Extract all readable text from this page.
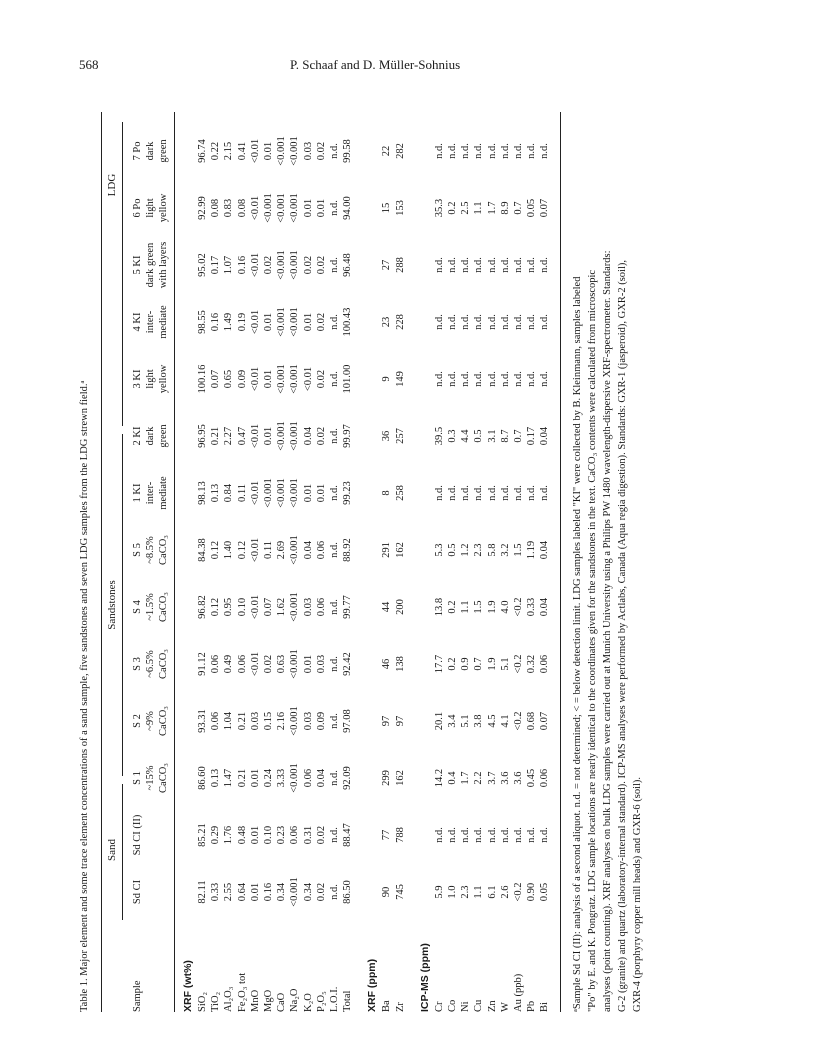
568	P. Schaaf and D. Müller-Sohnius
Table 1. Major element and some trace element concentrations of a sand sample, five sandstones and seven LDG samples from the LDG strewn field.ᵃ Sand
Sandstones
LDG
Sample
Sd CI
Sd CI (II)
S 1 ~15% CaCO₃
S 2 ~9% CaCO₃
S 3 ~6.5% CaCO₃
S 4 ~1.5% CaCO₃
S 5 ~8.5% CaCO₃
1 KI inter- mediate
2 KI dark green
3 KI light yellow
4 KI inter- mediate
5 KI dark green with layers
6 Po light yellow
7 Po dark green
XRF (wt%) SiO₂
82.11
85.21
86.60
93.31
91.12
96.82
84.38
98.13
96.95
100.16
98.55
95.02
92.99
96.74
TiO₂
0.33
0.29
0.13
0.06
0.06
0.12
0.12
0.13
0.21
0.07
0.16
0.17
0.08
0.22
Al₂O₃
2.55
1.76
1.47
1.04
0.49
0.95
1.40
0.84
2.27
0.65
1.49
1.07
0.83
2.15
Fe₂O₃ tot
0.64
0.48
0.21
0.21
0.06
0.10
0.12
0.11
0.47
0.09
0.19
0.16
0.08
0.41
MnO
0.01
0.01
0.01
0.03
<0.01
<0.01
<0.01
<0.01
<0.01
<0.01
<0.01
<0.01
<0.01
<0.01
MgO
0.16
0.10
0.24
0.15
0.02
0.07
0.11
<0.001
0.01
0.01
0.01
0.02
<0.001
0.01
CaO
0.34
0.23
3.33
2.16
0.63
1.62
2.69
<0.001
<0.001
<0.001
<0.001
<0.001
<0.001
<0.001
Na₂O
<0.001
0.06
<0.001
<0.001
<0.001
<0.001
<0.001
<0.001
<0.001
<0.001
<0.001
<0.001
<0.001
<0.001
K₂O
0.34
0.31
0.06
0.03
0.01
0.03
0.04
0.01
0.04
<0.01
0.01
0.02
0.01
0.03
P₂O₅
0.02
0.02
0.04
0.09
0.03
0.06
0.06
0.01
0.02
0.02
0.02
0.02
0.01
0.02
L.O.I.
n.d.
n.d.
n.d.
n.d.
n.d.
n.d.
n.d.
n.d.
n.d.
n.d.
n.d.
n.d.
n.d.
n.d.
Total
86.50
88.47
92.09
97.08
92.42
99.77
88.92
99.23
99.97
101.00
100.43
96.48
94.00
99.58
XRF (ppm) Ba
90
77
299
97
46
44
291
8
36
9
23
27
15
22
Zr
745
788
162
97
138
200
162
258
257
149
228
288
153
282
ICP-MS (ppm) Cr
5.9
n.d.
14.2
20.1
17.7
13.8
5.3
n.d.
39.5
n.d.
n.d.
n.d.
35.3
n.d.
Co
1.0
n.d.
0.4
3.4
0.2
0.2
0.5
n.d.
0.3
n.d.
n.d.
n.d.
0.2
n.d.
Ni
2.3
n.d.
1.7
5.1
0.9
1.1
1.2
n.d.
4.4
n.d.
n.d.
n.d.
2.5
n.d.
Cu
1.1
n.d.
2.2
3.8
0.7
1.5
2.3
n.d.
0.5
n.d.
n.d.
n.d.
1.1
n.d.
Zn
6.1
n.d.
3.7
4.5
1.9
1.9
5.8
n.d.
3.1
n.d.
n.d.
n.d.
1.7
n.d.
W
2.6
n.d.
3.6
4.1
5.1
4.0
3.2
n.d.
8.7
n.d.
n.d.
n.d.
8.9
n.d.
Au (ppb)
<0.2
n.d.
3.6
<0.2
<0.2
<0.2
1.5
n.d.
0.7
n.d.
n.d.
n.d.
0.7
n.d.
Pb
0.90
n.d.
0.45
0.68
0.32
0.33
1.19
n.d.
0.17
n.d.
n.d.
n.d.
0.05
n.d.
Bi
0.05
n.d.
0.06
0.07
0.06
0.04
0.04
n.d.
0.04
n.d.
n.d.
n.d.
0.07
n.d.
ᵃSample Sd CI (II): analysis of a second aliquot. n.d. = not determined; < = below detection limit. LDG samples labeled "KI" were collected by B. Kleinmann, samples labeled "Po" by E. and K. Pongratz. LDG sample locations are nearly identical to the coordinates given for the sandstones in the text. CaCO₃ contents were calculated from microscopic analyses (point counting). XRF analyses on bulk LDG samples were carried out at Munich University using a Philips PW 1480 wavelength-dispersive XRF-spectrometer. Standards: G-2 (granite) and quartz (laboratory-internal standard). ICP-MS analyses were performed by Actlabs, Canada (Aqua regia digestion). Standards: GXR-1 (jasperoid), GXR-2 (soil), GXR-4 (porphyry copper mill heads) and GXR-6 (soil).
